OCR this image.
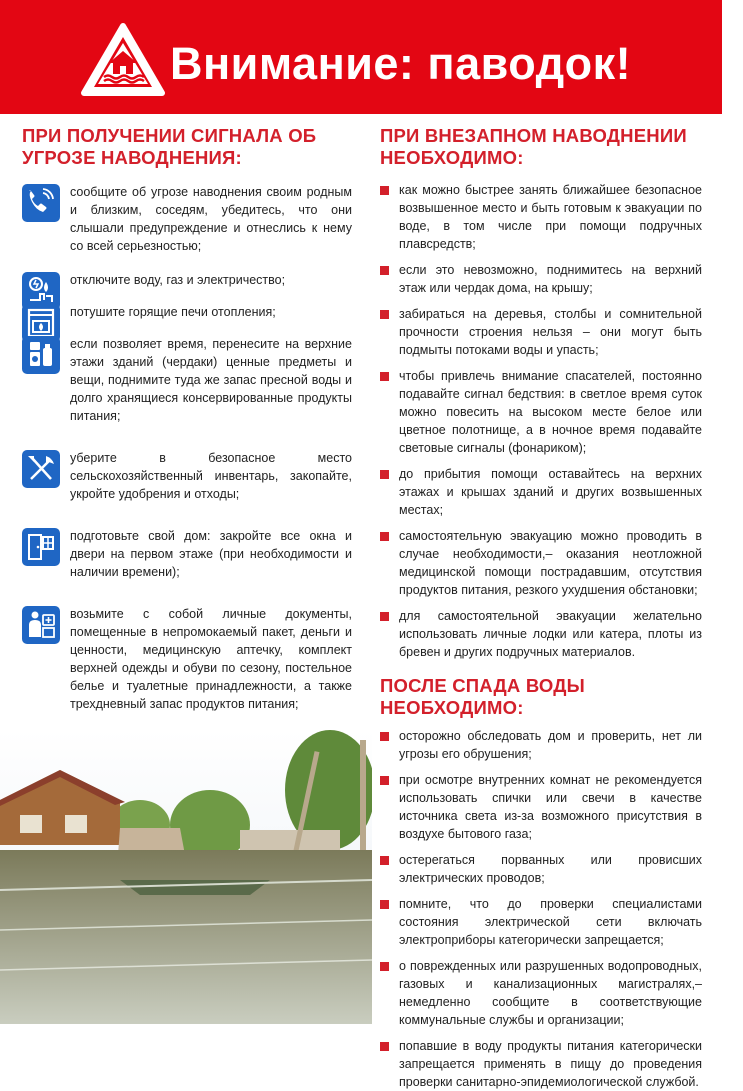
Внимание: паводок!
ПРИ ПОЛУЧЕНИИ СИГНАЛА ОБ УГРОЗЕ НАВОДНЕНИЯ:
сообщите об угрозе наводнения своим родным и близким, соседям, убедитесь, что они слышали предупреждение и отнеслись к нему со всей серьезностью;
отключите воду, газ и электричество;
потушите горящие печи отопления;
если позволяет время, перенесите на верхние этажи зданий (чердаки) ценные предметы и вещи, поднимите туда же запас пресной воды и долго хранящиеся консервированные продукты питания;
уберите в безопасное место сельскохозяйственный инвентарь, закопайте, укройте удобрения и отходы;
подготовьте свой дом: закройте все окна и двери на первом этаже (при необходимости и наличии времени);
возьмите с собой личные документы, помещенные в непромокаемый пакет, деньги и ценности, медицинскую аптечку, комплект верхней одежды и обуви по сезону, постельное белье и туалетные принадлежности, а также трехдневный запас продуктов питания;
ПРИ ВНЕЗАПНОМ НАВОДНЕНИИ НЕОБХОДИМО:
как можно быстрее занять ближайшее безопасное возвышенное место и быть готовым к эвакуации по воде, в том числе при помощи подручных плавсредств;
если это невозможно, поднимитесь на верхний этаж или чердак дома, на крышу;
забираться на деревья, столбы и сомнительной прочности строения нельзя – они могут быть подмыты потоками воды и упасть;
чтобы привлечь внимание спасателей, постоянно подавайте сигнал бедствия: в светлое время суток можно повесить на высоком месте белое или цветное полотнище, а в ночное время подавайте световые сигналы (фонариком);
до прибытия помощи оставайтесь на верхних этажах и крышах зданий и других возвышенных местах;
самостоятельную эвакуацию можно проводить в случае необходимости,– оказания неотложной медицинской помощи пострадавшим, отсутствия продуктов питания, резкого ухудшения обстановки;
для самостоятельной эвакуации желательно использовать личные лодки или катера, плоты из бревен и других подручных материалов.
ПОСЛЕ СПАДА ВОДЫ НЕОБХОДИМО:
осторожно обследовать дом и проверить, нет ли угрозы его обрушения;
при осмотре внутренних комнат не рекомендуется использовать спички или свечи в качестве источника света из-за возможного присутствия в воздухе бытового газа;
остерегаться порванных или провисших электрических проводов;
помните, что до проверки специалистами состояния электрической сети включать электроприборы категорически запрещается;
о поврежденных или разрушенных водопроводных, газовых и канализационных магистралях,– немедленно сообщите в соответствующие коммунальные службы и организации;
попавшие в воду продукты питания категорически запрещается применять в пищу до проведения проверки санитарно-эпидемиологической службой.
